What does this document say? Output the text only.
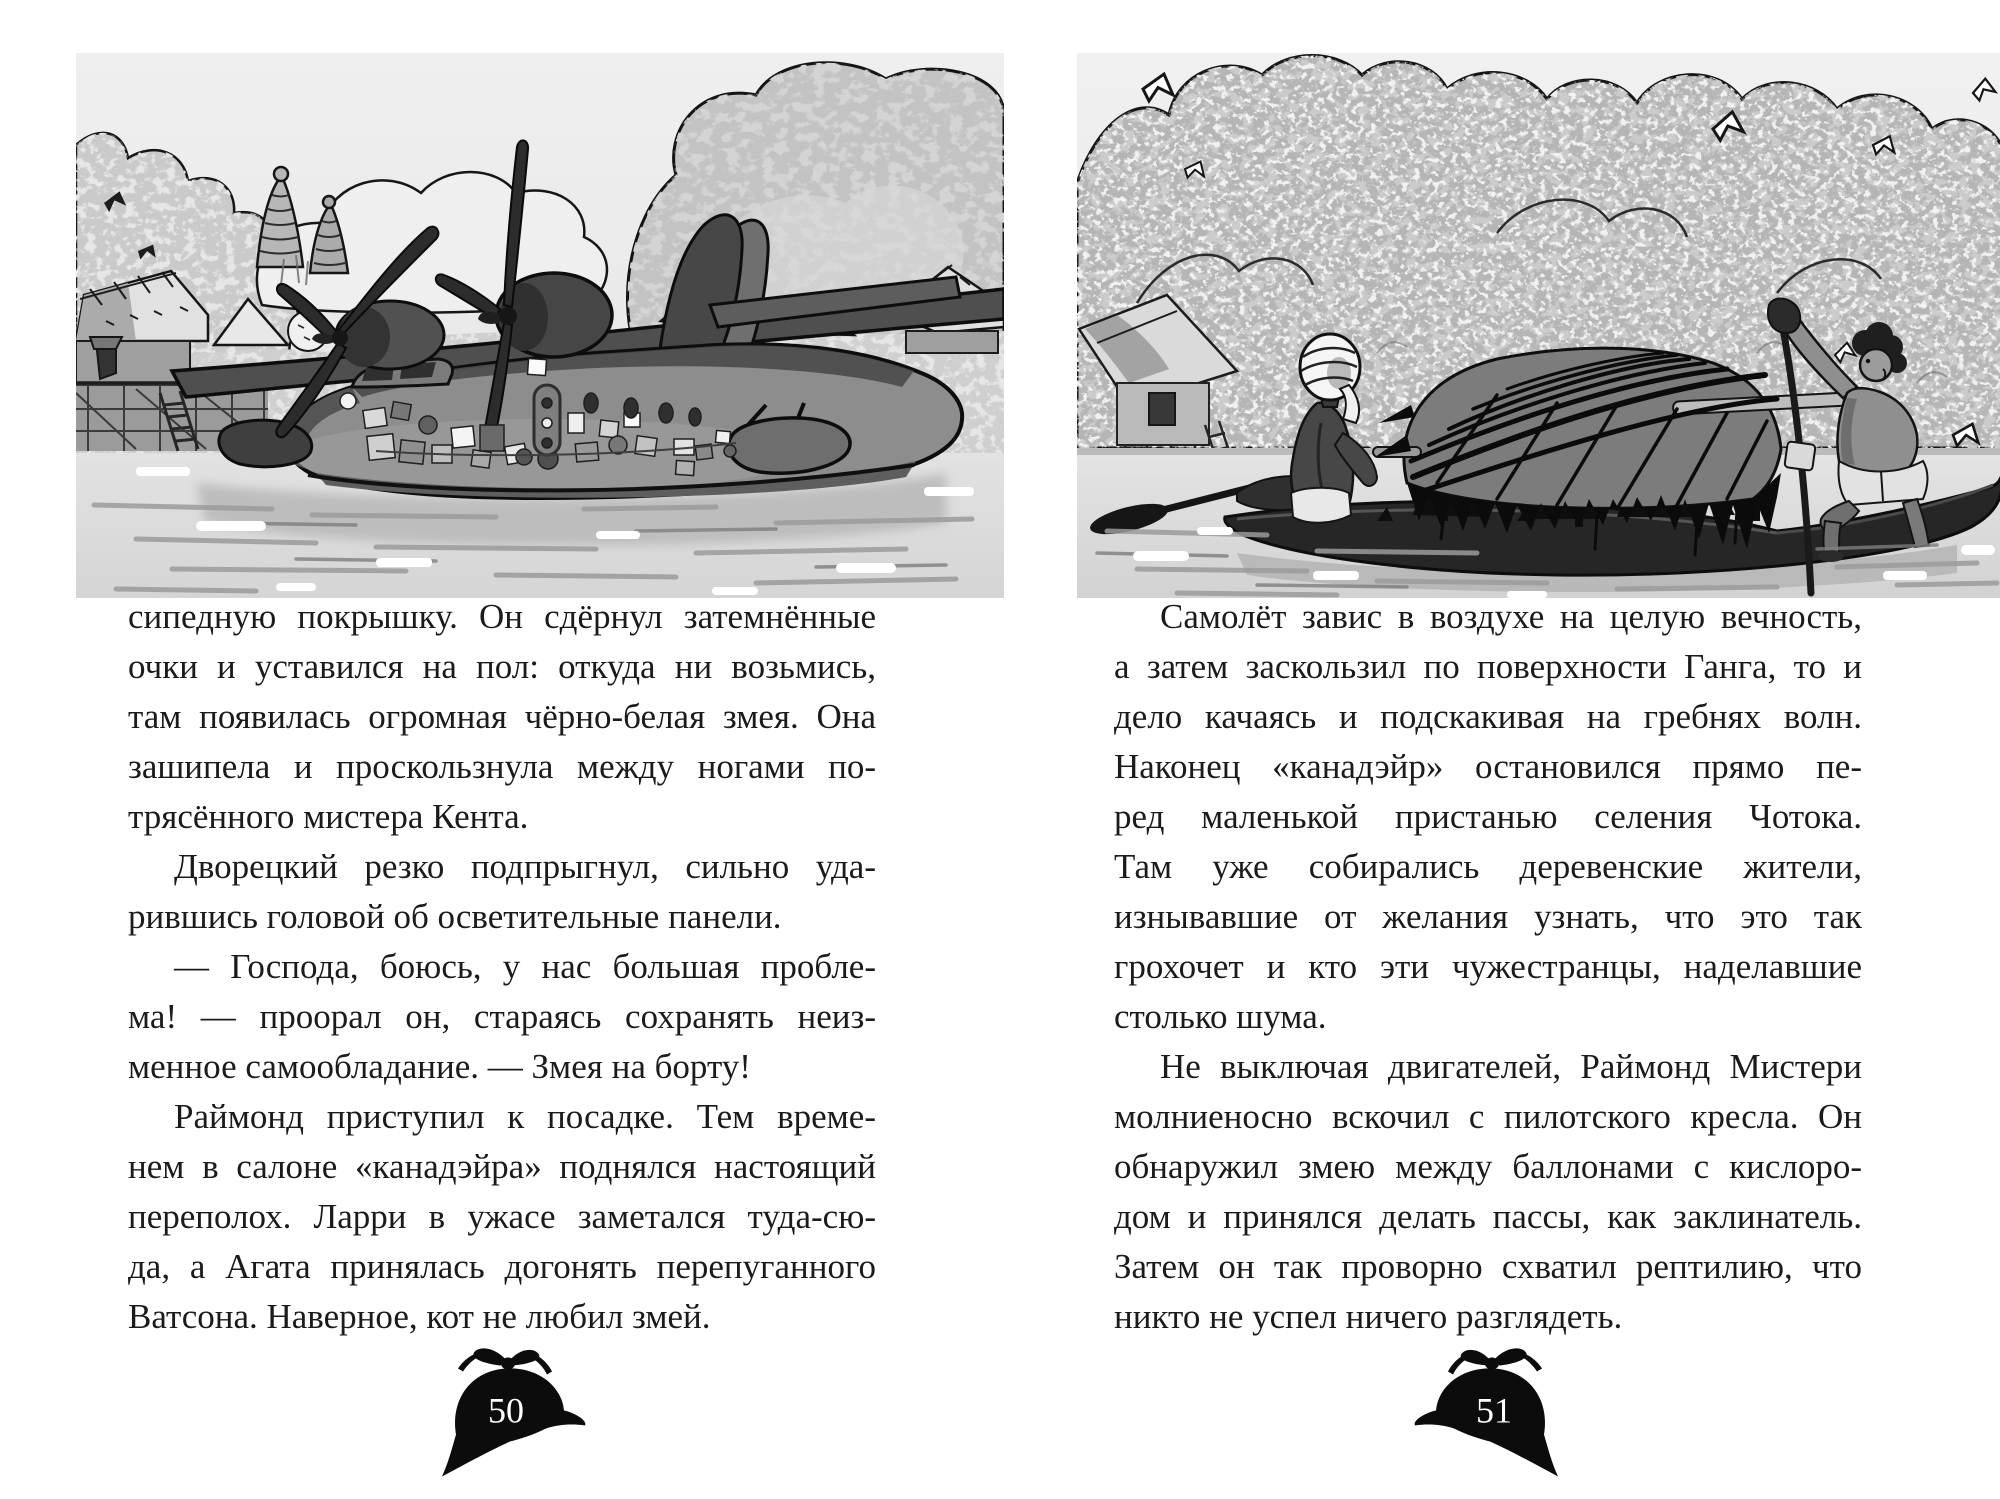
сипедную покрышку. Он сдёрнул затемнённые
очки и уставился на пол: откуда ни возьмись,
там появилась огромная чёрно-белая змея. Она
зашипела и проскользнула между ногами по-
трясённого мистера Кента.
Дворецкий резко подпрыгнул, сильно уда-
рившись головой об осветительные панели.
— Господа, боюсь, у нас большая пробле-
ма! — проорал он, стараясь сохранять неиз-
менное самообладание. — Змея на борту!
Раймонд приступил к посадке. Тем време-
нем в салоне «канадэйра» поднялся настоящий
переполох. Ларри в ужасе заметался туда-сю-
да, а Агата принялась догонять перепуганного
Ватсона. Наверное, кот не любил змей.
Самолёт завис в воздухе на целую вечность,
а затем заскользил по поверхности Ганга, то и
дело качаясь и подскакивая на гребнях волн.
Наконец «канадэйр» остановился прямо пе-
ред маленькой пристанью селения Чотока.
Там уже собирались деревенские жители,
изнывавшие от желания узнать, что это так
грохочет и кто эти чужестранцы, наделавшие
столько шума.
Не выключая двигателей, Раймонд Мистери
молниеносно вскочил с пилотского кресла. Он
обнаружил змею между баллонами с кислоро-
дом и принялся делать пассы, как заклинатель.
Затем он так проворно схватил рептилию, что
никто не успел ничего разглядеть.
50	51
